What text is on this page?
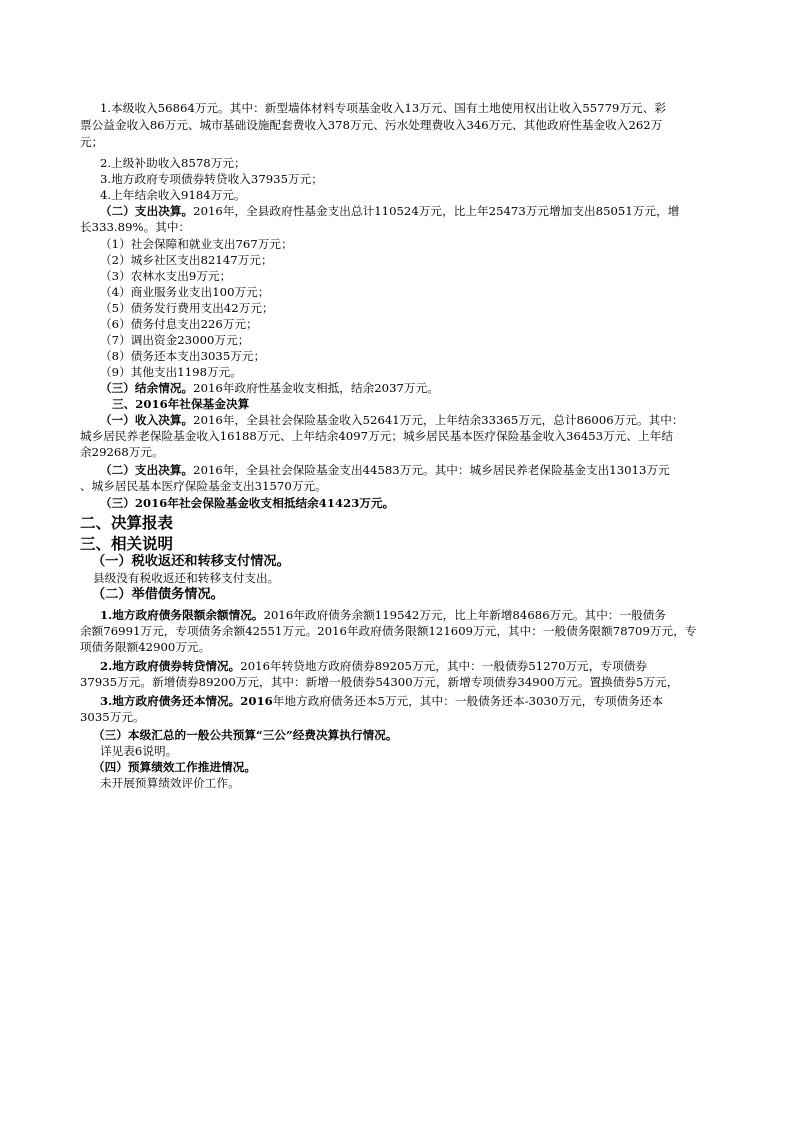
1.本级收入56864万元。其中：新型墙体材料专项基金收入13万元、国有土地使用权出让收入55779万元、彩
票公益金收入86万元、城市基础设施配套费收入378万元、污水处理费收入346万元、其他政府性基金收入262万
元；
2.上级补助收入8578万元；
3.地方政府专项债券转贷收入37935万元；
4.上年结余收入9184万元。
（二）支出决算。2016年，全县政府性基金支出总计110524万元，比上年25473万元增加支出85051万元，增
长333.89%。其中：
（1）社会保障和就业支出767万元；
（2）城乡社区支出82147万元；
（3）农林水支出9万元；
（4）商业服务业支出100万元；
（5）债务发行费用支出42万元；
（6）债务付息支出226万元；
（7）调出资金23000万元；
（8）债务还本支出3035万元；
（9）其他支出1198万元。
（三）结余情况。2016年政府性基金收支相抵，结余2037万元。
三、2016年社保基金决算
（一）收入决算。2016年，全县社会保险基金收入52641万元，上年结余33365万元，总计86006万元。其中：
城乡居民养老保险基金收入16188万元、上年结余4097万元；城乡居民基本医疗保险基金收入36453万元、上年结
余29268万元。
（二）支出决算。2016年，全县社会保险基金支出44583万元。其中：城乡居民养老保险基金支出13013万元
、城乡居民基本医疗保险基金支出31570万元。
（三）2016年社会保险基金收支相抵结余41423万元。
二、决算报表
三、相关说明
（一）税收返还和转移支付情况。
县级没有税收返还和转移支付支出。
（二）举借债务情况。
1.地方政府债务限额余额情况。2016年政府债务余额119542万元，比上年新增84686万元。其中：一般债务
余额76991万元，专项债务余额42551万元。2016年政府债务限额121609万元，其中：一般债务限额78709万元，专
项债务限额42900万元。
2.地方政府债券转贷情况。2016年转贷地方政府债券89205万元，其中：一般债券51270万元，专项债券
37935万元。新增债券89200万元，其中：新增一般债券54300万元，新增专项债券34900万元。置换债券5万元，
3.地方政府债务还本情况。2016年地方政府债务还本5万元，其中：一般债务还本-3030万元，专项债务还本
3035万元。
（三）本级汇总的一般公共预算“三公”经费决算执行情况。
详见表6说明。
（四）预算绩效工作推进情况。
未开展预算绩效评价工作。
